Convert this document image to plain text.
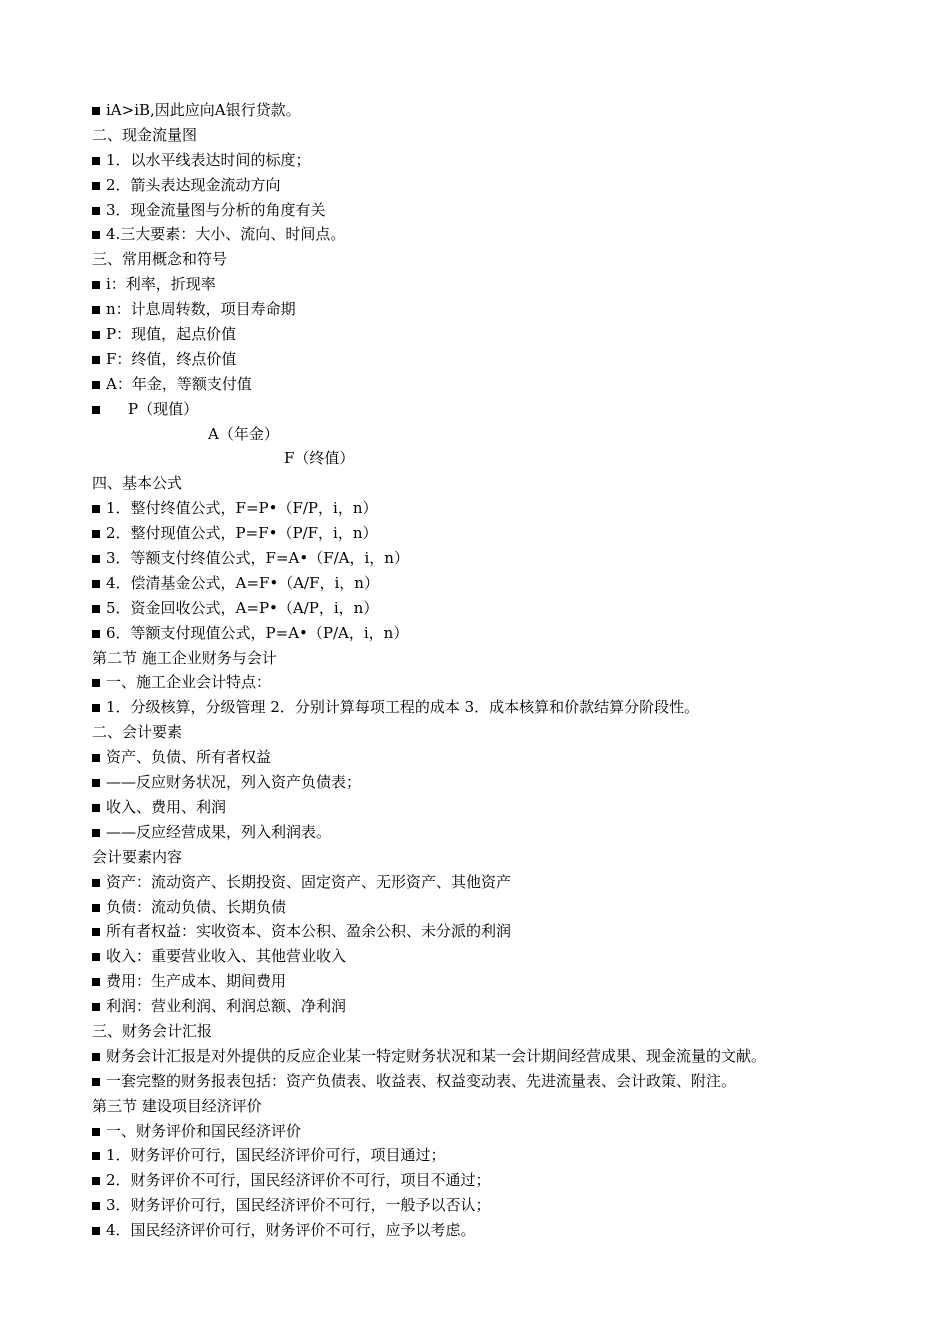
iA>iB,因此应向A银行贷款。
二、现金流量图
1．以水平线表达时间的标度；
2．箭头表达现金流动方向
3．现金流量图与分析的角度有关
4.三大要素：大小、流向、时间点。
三、常用概念和符号
i：利率，折现率
n：计息周转数，项目寿命期
P：现值，起点价值
F：终值，终点价值
A：年金，等额支付值
P（现值）
A（年金）
F（终值）
四、基本公式
1．整付终值公式，F=P•（F/P，i，n）
2．整付现值公式，P=F•（P/F，i，n）
3．等额支付终值公式，F=A•（F/A，i，n）
4．偿清基金公式，A=F•（A/F，i，n）
5．资金回收公式，A=P•（A/P，i，n）
6．等额支付现值公式，P=A•（P/A，i，n）
第二节 施工企业财务与会计
一、施工企业会计特点：
1．分级核算，分级管理 2．分别计算每项工程的成本 3．成本核算和价款结算分阶段性。
二、会计要素
资产、负债、所有者权益
——反应财务状况，列入资产负债表；
收入、费用、利润
——反应经营成果，列入利润表。
会计要素内容
资产：流动资产、长期投资、固定资产、无形资产、其他资产
负债：流动负债、长期负债
所有者权益：实收资本、资本公积、盈余公积、未分派的利润
收入：重要营业收入、其他营业收入
费用：生产成本、期间费用
利润：营业利润、利润总额、净利润
三、财务会计汇报
财务会计汇报是对外提供的反应企业某一特定财务状况和某一会计期间经营成果、现金流量的文献。
一套完整的财务报表包括：资产负债表、收益表、权益变动表、先进流量表、会计政策、附注。
第三节 建设项目经济评价
一、财务评价和国民经济评价
1．财务评价可行，国民经济评价可行，项目通过；
2．财务评价不可行，国民经济评价不可行，项目不通过；
3．财务评价可行，国民经济评价不可行，一般予以否认；
4．国民经济评价可行，财务评价不可行，应予以考虑。
